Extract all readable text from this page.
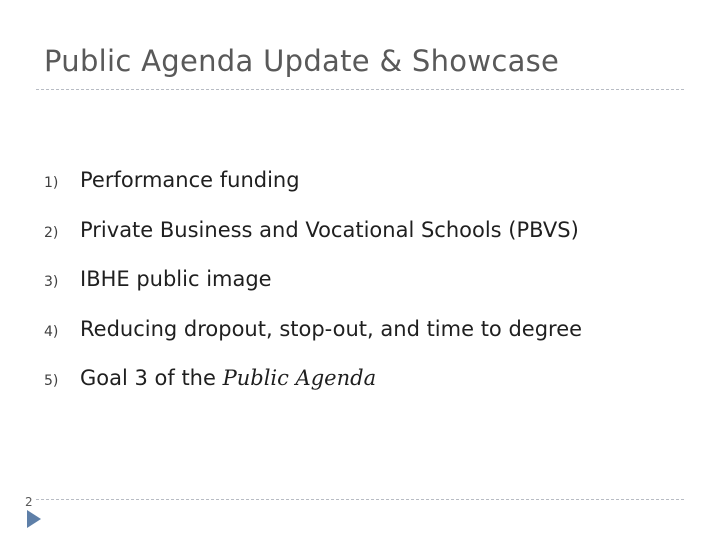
Public Agenda Update & Showcase
1)	Performance funding
2)	Private Business and Vocational Schools (PBVS)
3)	IBHE public image
4)	Reducing dropout, stop-out, and time to degree
5)	Goal 3 of the Public Agenda
2
